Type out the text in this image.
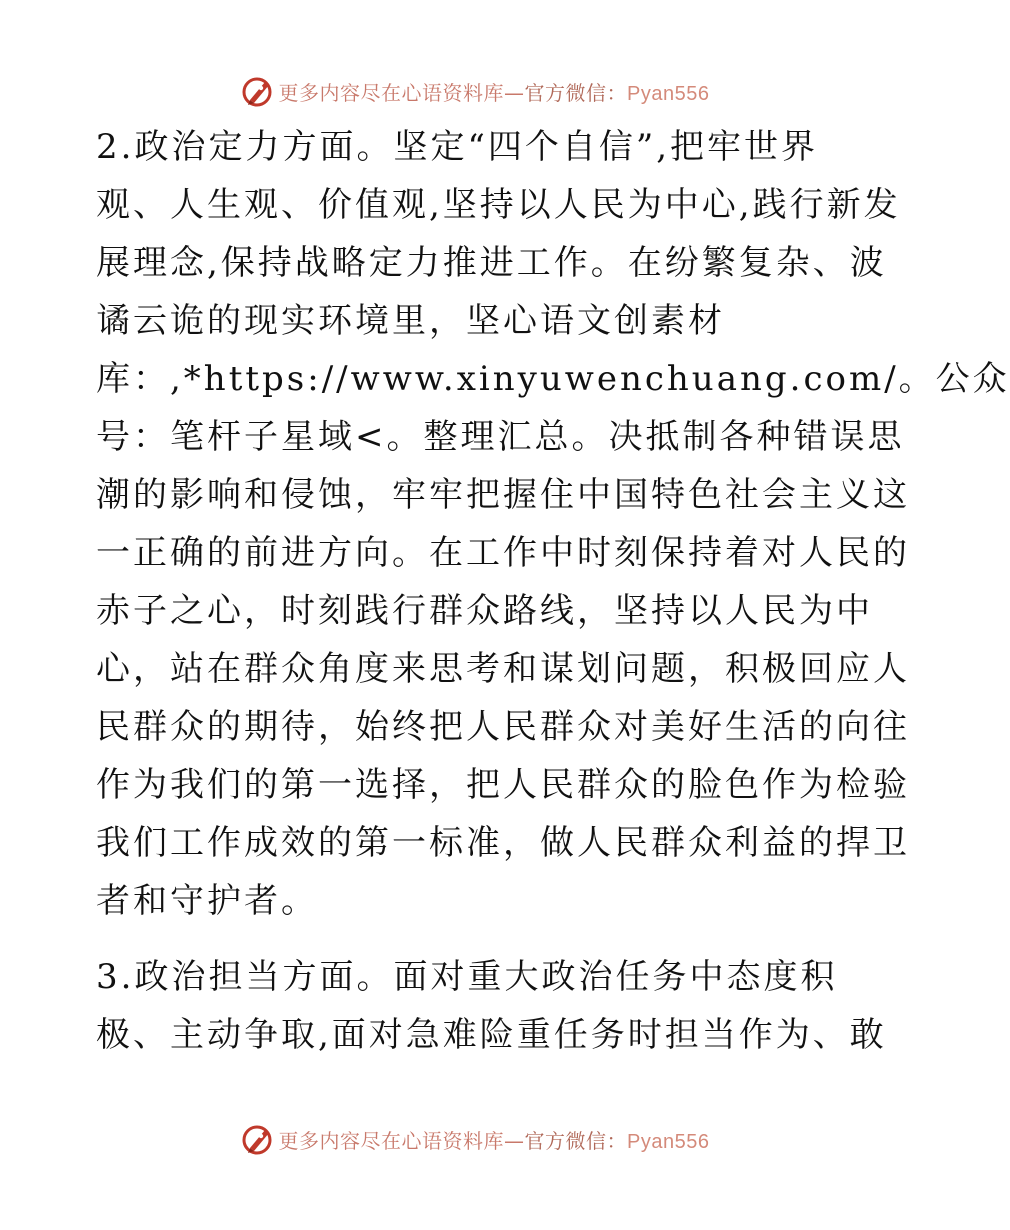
更多内容尽在心语资料库—官方微信：Pyan556
2.政治定力方面。坚定“四个自信”,把牢世界
观、人生观、价值观,坚持以人民为中心,践行新发
展理念,保持战略定力推进工作。在纷繁复杂、波
谲云诡的现实环境里，坚心语文创素材
库：,*https://www.xinyuwenchuang.com/。公众
号：笔杆子星域<。整理汇总。决抵制各种错误思
潮的影响和侵蚀，牢牢把握住中国特色社会主义这
一正确的前进方向。在工作中时刻保持着对人民的
赤子之心，时刻践行群众路线，坚持以人民为中
心，站在群众角度来思考和谋划问题，积极回应人
民群众的期待，始终把人民群众对美好生活的向往
作为我们的第一选择，把人民群众的脸色作为检验
我们工作成效的第一标准，做人民群众利益的捍卫
者和守护者。
3.政治担当方面。面对重大政治任务中态度积
极、主动争取,面对急难险重任务时担当作为、敢
更多内容尽在心语资料库—官方微信：Pyan556
